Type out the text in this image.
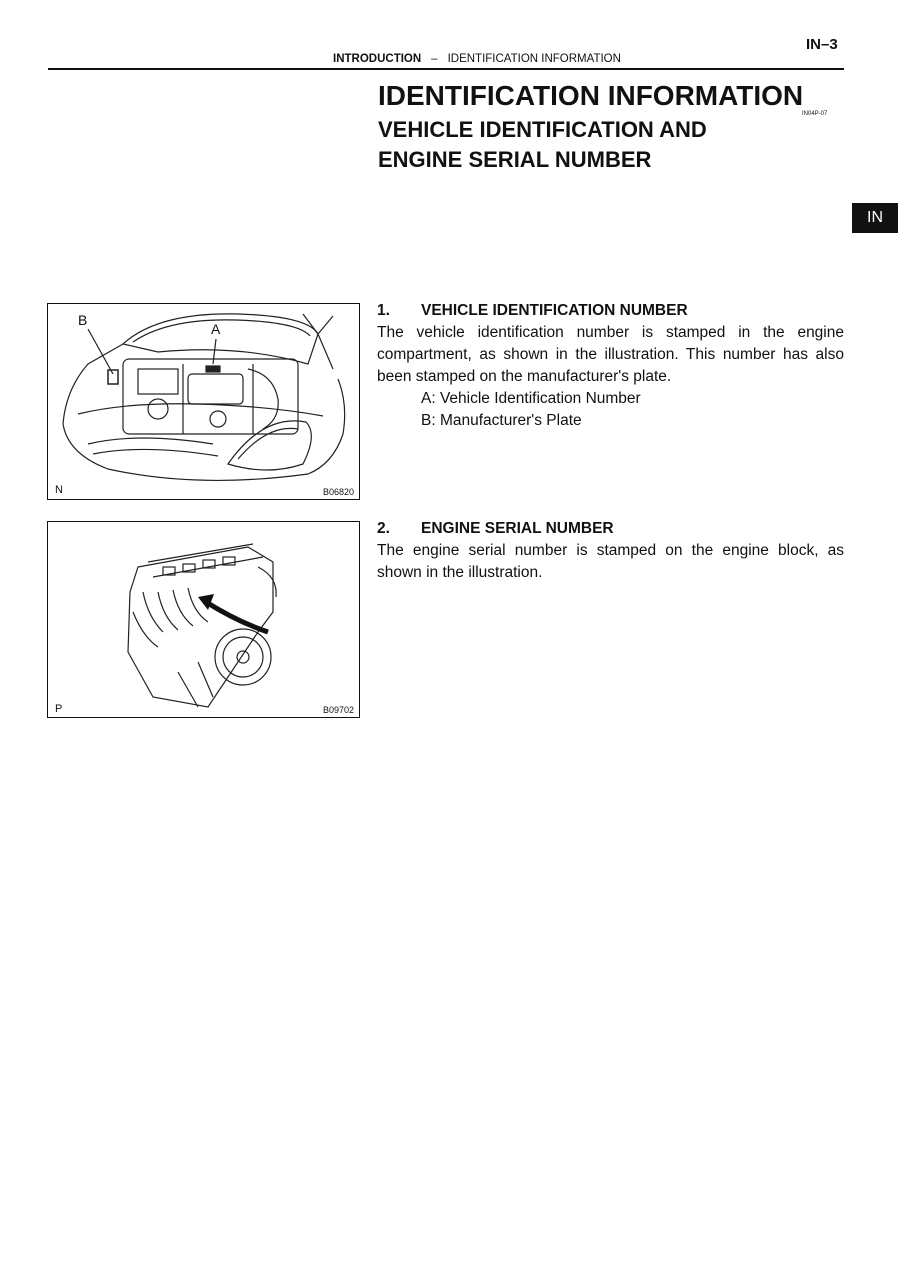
IN–3
INTRODUCTION – IDENTIFICATION INFORMATION
IDENTIFICATION INFORMATION
IN04P-07
VEHICLE IDENTIFICATION AND
ENGINE SERIAL NUMBER
IN
B
A
N	B06820
P	B09702
1.	VEHICLE IDENTIFICATION NUMBER
The vehicle identification number is stamped in the engine compartment, as shown in the illustration. This number has also been stamped on the manufacturer's plate.
A: Vehicle Identification Number
B: Manufacturer's Plate
2.	ENGINE SERIAL NUMBER
The engine serial number is stamped on the engine block, as shown in the illustration.
